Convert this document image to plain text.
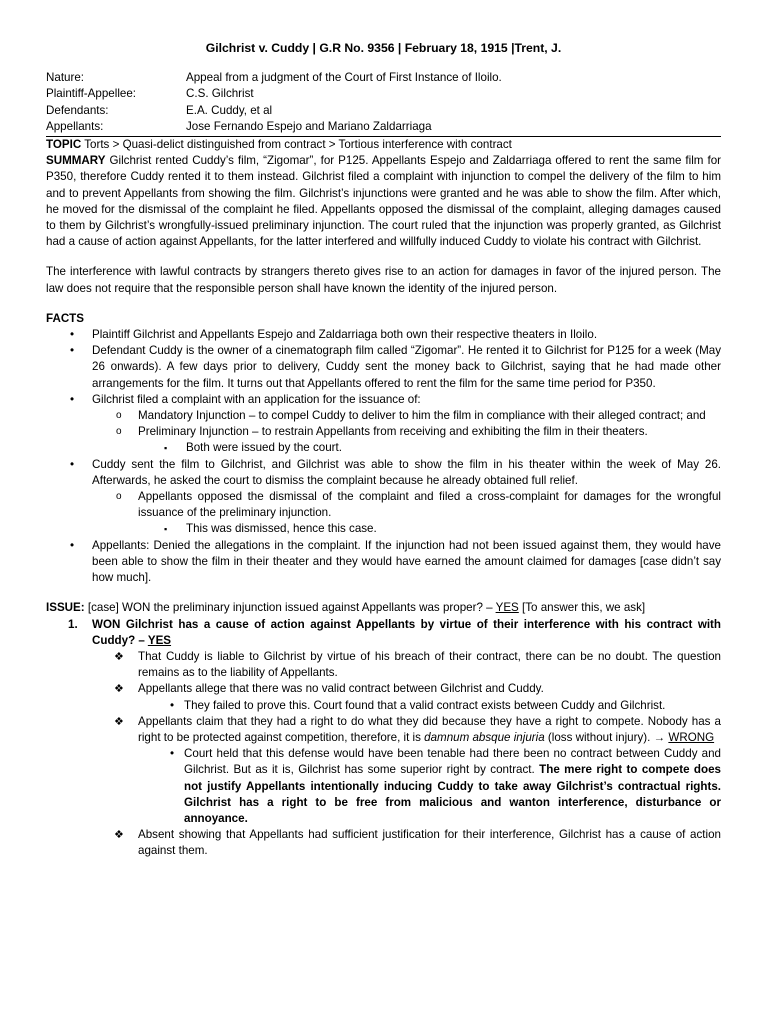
Gilchrist v. Cuddy | G.R No. 9356 | February 18, 1915 |Trent, J.
Nature:	Appeal from a judgment of the Court of First Instance of Iloilo.
Plaintiff-Appellee:	C.S. Gilchrist
Defendants:	E.A. Cuddy, et al
Appellants:	Jose Fernando Espejo and Mariano Zaldarriaga

TOPIC Torts > Quasi-delict distinguished from contract > Tortious interference with contract

SUMMARY Gilchrist rented Cuddy’s film, “Zigomar”, for P125. Appellants Espejo and Zaldarriaga offered to rent the same film for P350, therefore Cuddy rented it to them instead. Gilchrist filed a complaint with injunction to compel the delivery of the film to him and to prevent Appellants from showing the film. Gilchrist’s injunctions were granted and he was able to show the film. After which, he moved for the dismissal of the complaint he filed. Appellants opposed the dismissal of the complaint, alleging damages caused to them by Gilchrist’s wrongfully-issued preliminary injunction. The court ruled that the injunction was properly granted, as Gilchrist had a cause of action against Appellants, for the latter interfered and willfully induced Cuddy to violate his contract with Gilchrist.

The interference with lawful contracts by strangers thereto gives rise to an action for damages in favor of the injured person. The law does not require that the responsible person shall have known the identity of the injured person.

FACTS

• Plaintiff Gilchrist and Appellants Espejo and Zaldarriaga both own their respective theaters in Iloilo.
• Defendant Cuddy is the owner of a cinematograph film called “Zigomar”. He rented it to Gilchrist for P125 for a week (May 26 onwards). A few days prior to delivery, Cuddy sent the money back to Gilchrist, saying that he had made other arrangements for the film. It turns out that Appellants offered to rent the film for the same time period for P350.
• Gilchrist filed a complaint with an application for the issuance of:
o Mandatory Injunction – to compel Cuddy to deliver to him the film in compliance with their alleged contract; and
o Preliminary Injunction – to restrain Appellants from receiving and exhibiting the film in their theaters.
▪ Both were issued by the court.
• Cuddy sent the film to Gilchrist, and Gilchrist was able to show the film in his theater within the week of May 26. Afterwards, he asked the court to dismiss the complaint because he already obtained full relief.
o Appellants opposed the dismissal of the complaint and filed a cross-complaint for damages for the wrongful issuance of the preliminary injunction.
▪ This was dismissed, hence this case.
• Appellants: Denied the allegations in the complaint. If the injunction had not been issued against them, they would have been able to show the film in their theater and they would have earned the amount claimed for damages [case didn’t say how much].

ISSUE: [case] WON the preliminary injunction issued against Appellants was proper? – YES [To answer this, we ask]

1. WON Gilchrist has a cause of action against Appellants by virtue of their interference with his contract with Cuddy? – YES
❖ That Cuddy is liable to Gilchrist by virtue of his breach of their contract, there can be no doubt. The question remains as to the liability of Appellants.
❖ Appellants allege that there was no valid contract between Gilchrist and Cuddy.
• They failed to prove this. Court found that a valid contract exists between Cuddy and Gilchrist.
❖ Appellants claim that they had a right to do what they did because they have a right to compete. Nobody has a right to be protected against competition, therefore, it is damnum absque injuria (loss without injury). → WRONG
• Court held that this defense would have been tenable had there been no contract between Cuddy and Gilchrist. But as it is, Gilchrist has some superior right by contract. The mere right to compete does not justify Appellants intentionally inducing Cuddy to take away Gilchrist’s contractual rights. Gilchrist has a right to be free from malicious and wanton interference, disturbance or annoyance.
❖ Absent showing that Appellants had sufficient justification for their interference, Gilchrist has a cause of action against them.
